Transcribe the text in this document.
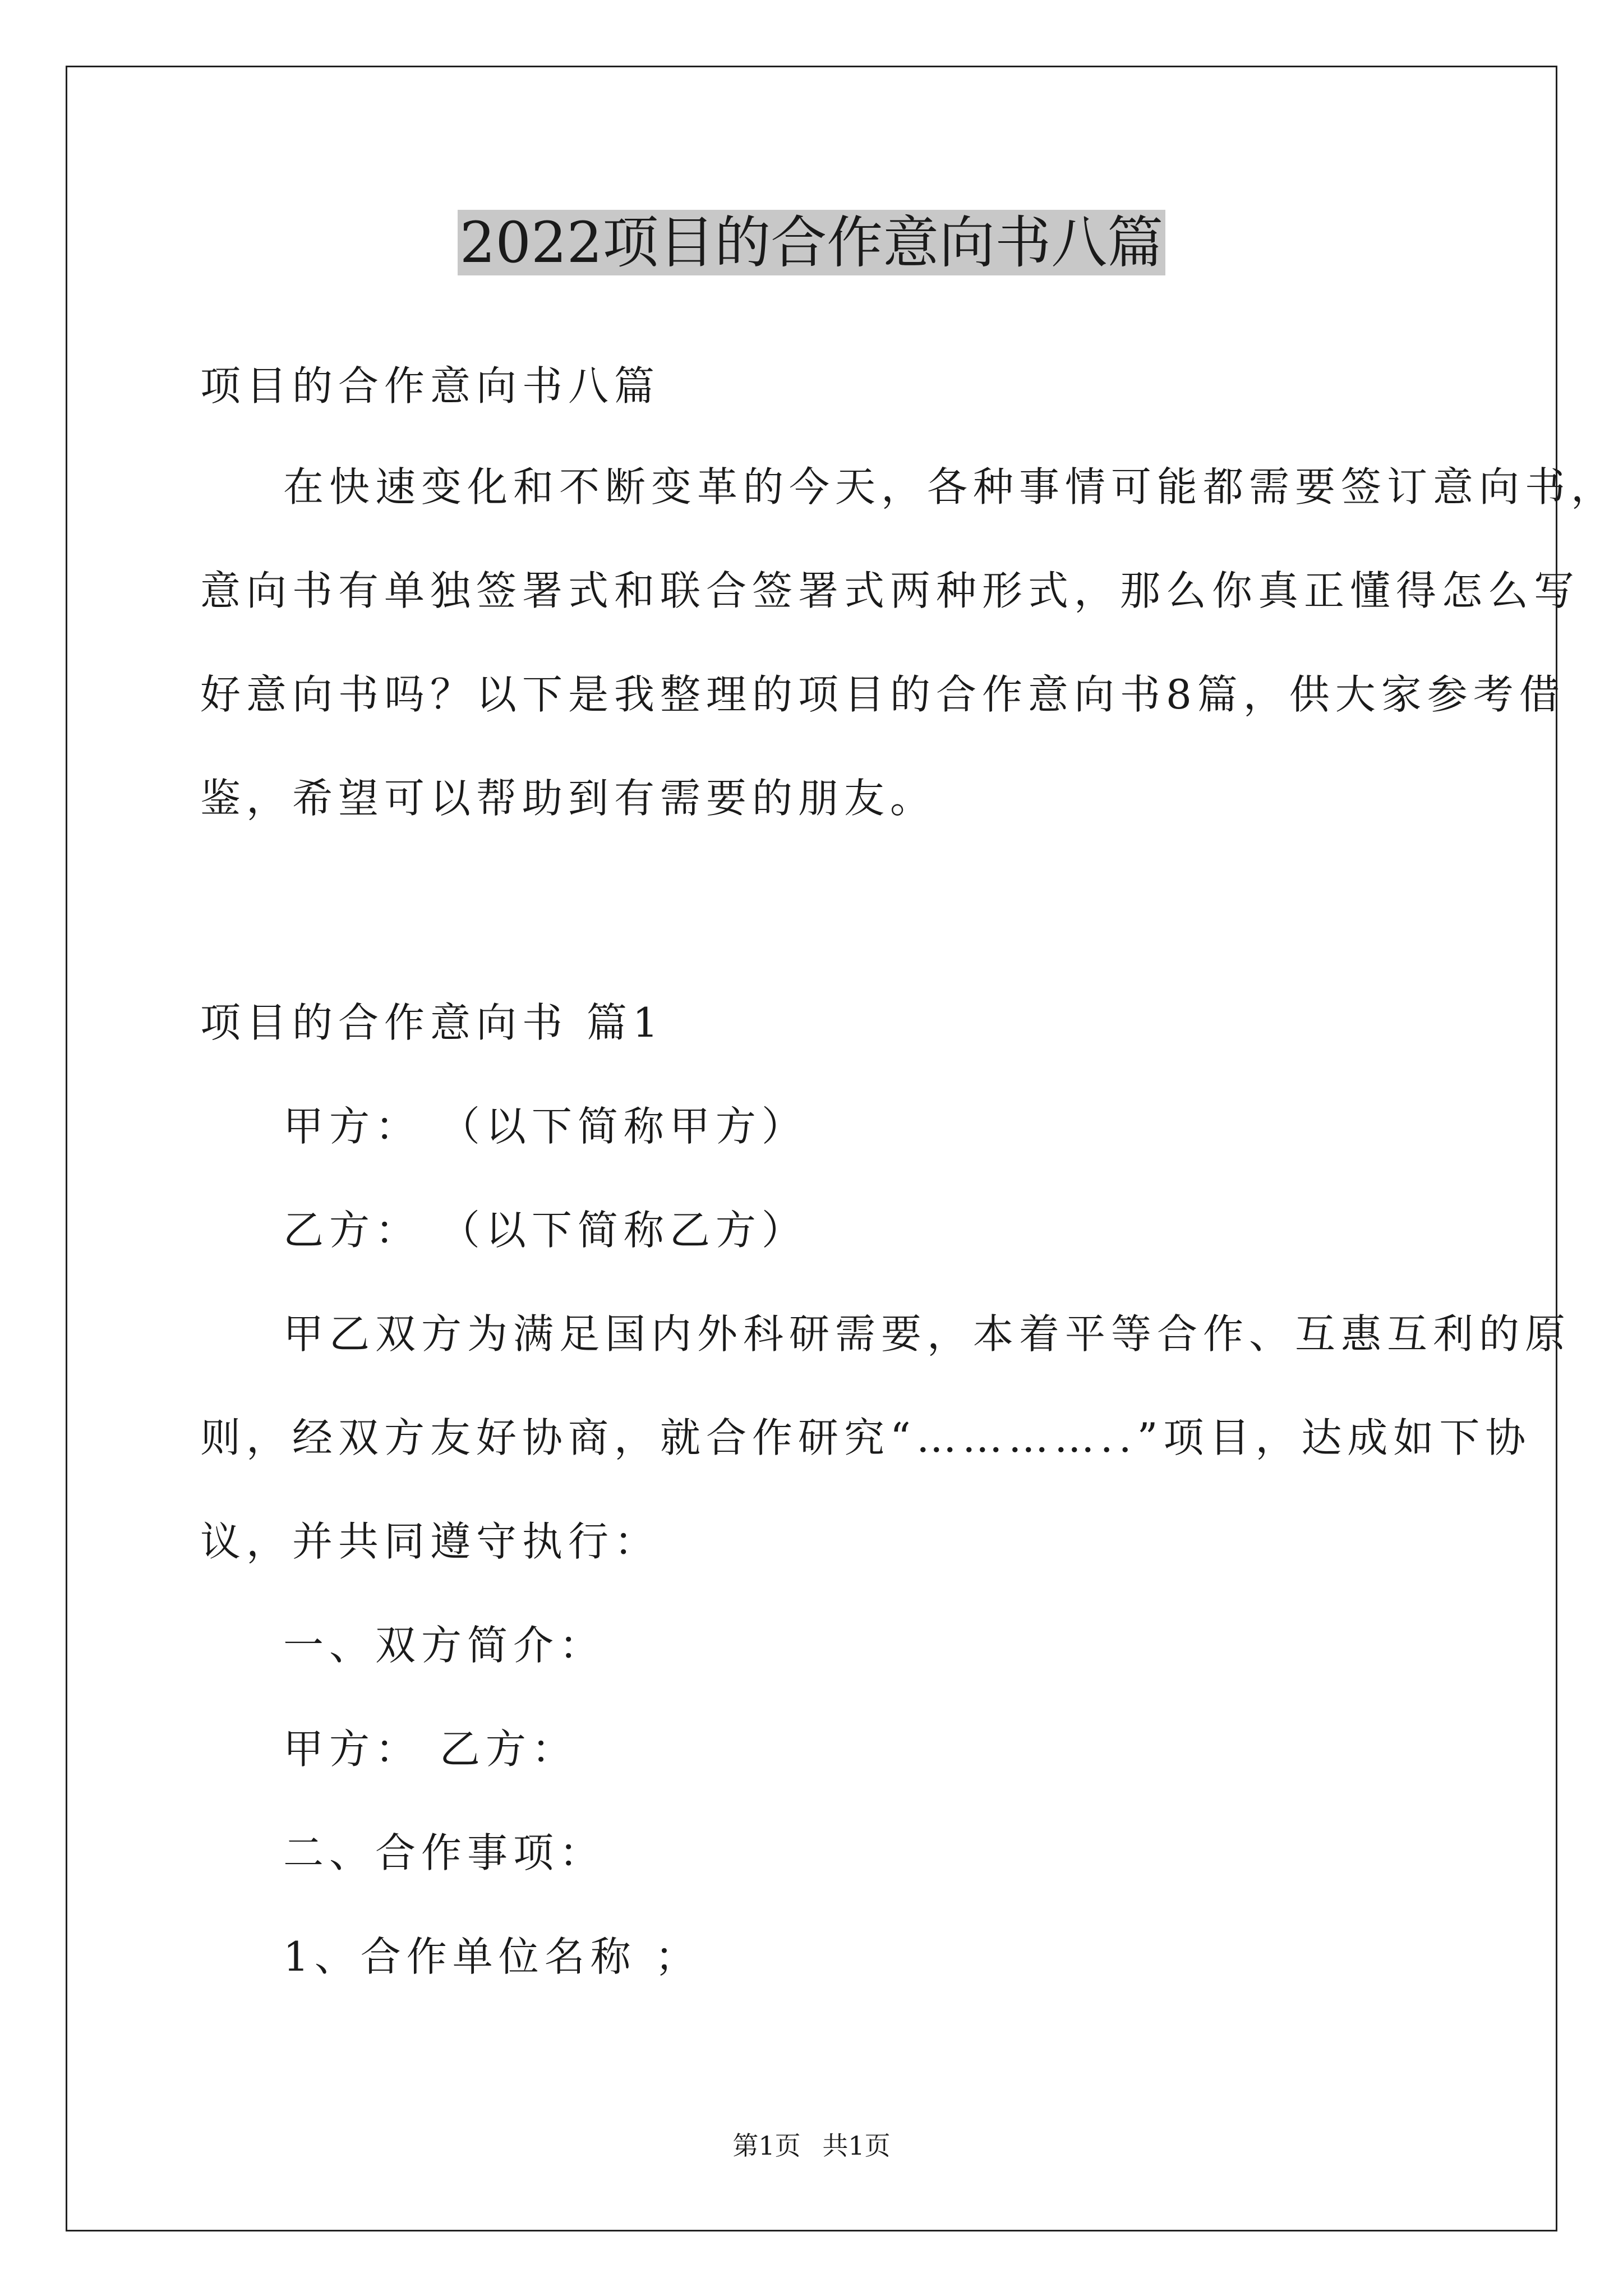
2022项目的合作意向书八篇
项目的合作意向书八篇
在快速变化和不断变革的今天，各种事情可能都需要签订意向书，
意向书有单独签署式和联合签署式两种形式，那么你真正懂得怎么写
好意向书吗？以下是我整理的项目的合作意向书8篇，供大家参考借
鉴，希望可以帮助到有需要的朋友。
项目的合作意向书 篇1
甲方： （以下简称甲方）
乙方： （以下简称乙方）
甲乙双方为满足国内外科研需要，本着平等合作、互惠互利的原
则，经双方友好协商，就合作研究“…………..”项目，达成如下协
议，并共同遵守执行：
一、双方简介：
甲方： 乙方：
二、合作事项：
1、合作单位名称 ；
第1页 共1页
